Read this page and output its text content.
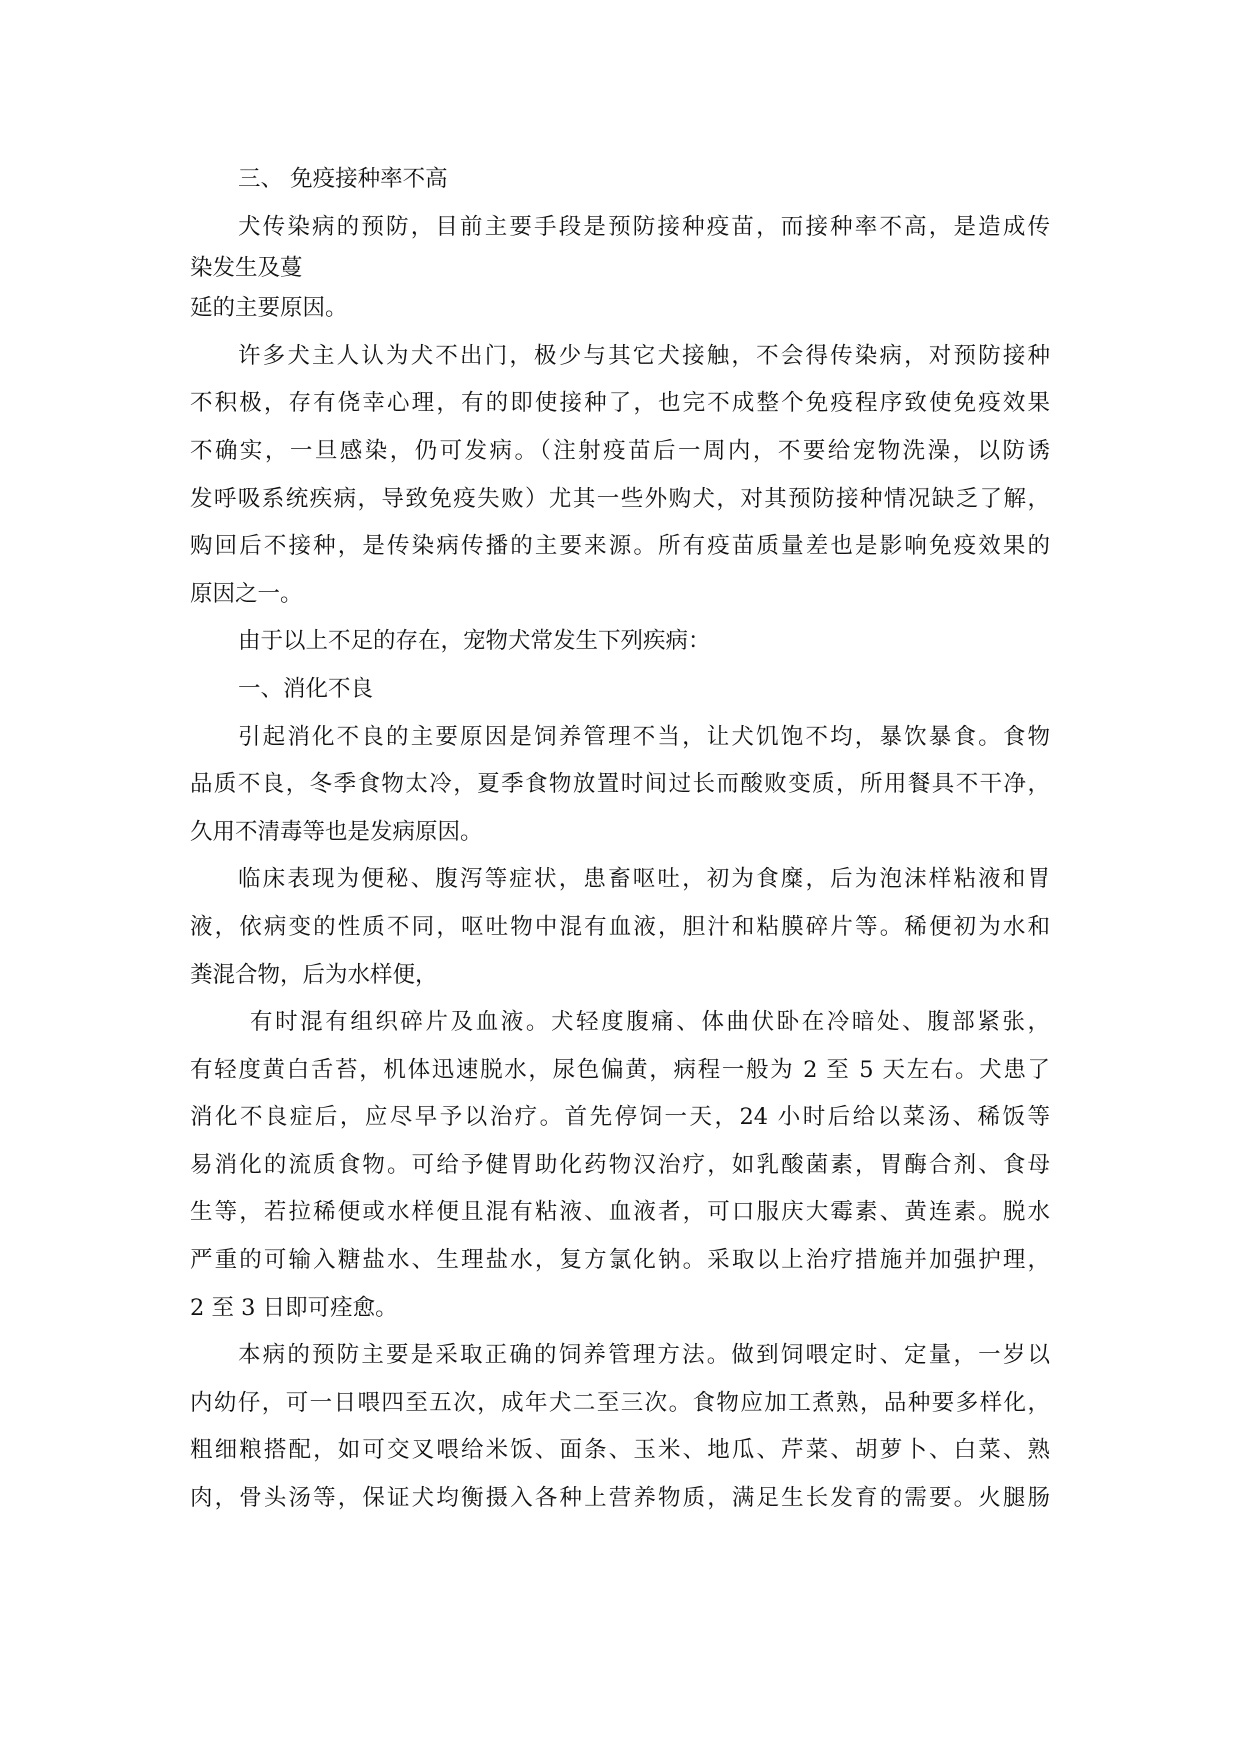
三、 免疫接种率不高
犬传染病的预防，目前主要手段是预防接种疫苗，而接种率不高，是造成传
染发生及蔓
延的主要原因。
许多犬主人认为犬不出门，极少与其它犬接触，不会得传染病，对预防接种
不积极，存有侥幸心理，有的即使接种了，也完不成整个免疫程序致使免疫效果
不确实，一旦感染，仍可发病。（注射疫苗后一周内，不要给宠物洗澡，以防诱
发呼吸系统疾病，导致免疫失败）尤其一些外购犬，对其预防接种情况缺乏了解，
购回后不接种，是传染病传播的主要来源。所有疫苗质量差也是影响免疫效果的
原因之一。
由于以上不足的存在，宠物犬常发生下列疾病：
一、消化不良
引起消化不良的主要原因是饲养管理不当，让犬饥饱不均，暴饮暴食。食物
品质不良，冬季食物太冷，夏季食物放置时间过长而酸败变质，所用餐具不干净，
久用不清毒等也是发病原因。
临床表现为便秘、腹泻等症状，患畜呕吐，初为食糜，后为泡沫样粘液和胃
液，依病变的性质不同，呕吐物中混有血液，胆汁和粘膜碎片等。稀便初为水和
粪混合物，后为水样便，
有时混有组织碎片及血液。犬轻度腹痛、体曲伏卧在冷暗处、腹部紧张，
有轻度黄白舌苔，机体迅速脱水，尿色偏黄，病程一般为 2 至 5 天左右。犬患了
消化不良症后，应尽早予以治疗。首先停饲一天，24 小时后给以菜汤、稀饭等
易消化的流质食物。可给予健胃助化药物汉治疗，如乳酸菌素，胃酶合剂、食母
生等，若拉稀便或水样便且混有粘液、血液者，可口服庆大霉素、黄连素。脱水
严重的可输入糖盐水、生理盐水，复方氯化钠。采取以上治疗措施并加强护理，
2 至 3 日即可痊愈。
本病的预防主要是采取正确的饲养管理方法。做到饲喂定时、定量，一岁以
内幼仔，可一日喂四至五次，成年犬二至三次。食物应加工煮熟，品种要多样化，
粗细粮搭配，如可交叉喂给米饭、面条、玉米、地瓜、芹菜、胡萝卜、白菜、熟
肉，骨头汤等，保证犬均衡摄入各种上营养物质，满足生长发育的需要。火腿肠
